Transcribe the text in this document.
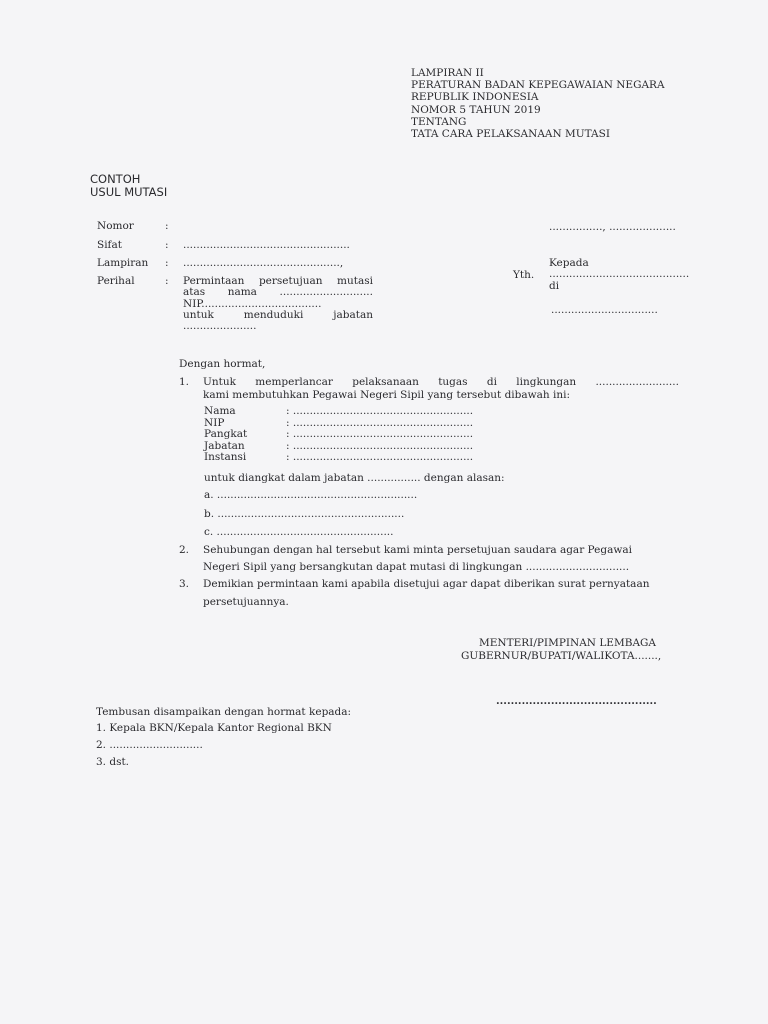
LAMPIRAN II
PERATURAN BADAN KEPEGAWAIAN NEGARA
REPUBLIK INDONESIA
NOMOR 5 TAHUN 2019
TENTANG
TATA CARA PELAKSANAAN MUTASI
CONTOH
USUL MUTASI
Nomor	:
Sifat	: ..................................................
Lampiran : ...............................................,
Perihal	: Permintaan persetujuan mutasi
atas nama ............................
NIP....................................
untuk	menduduki	jabatan
......................
................, ....................
Kepada
Yth. ..........................................
di
................................
Dengan hormat,
1. Untuk memperlancar pelaksanaan tugas di lingkungan .........................
kami membutuhkan Pegawai Negeri Sipil yang tersebut dibawah ini:
Nama	: ......................................................
NIP	: ......................................................
Pangkat	: ......................................................
Jabatan	: ......................................................
Instansi	: ......................................................
untuk diangkat dalam jabatan ................ dengan alasan:
a. ............................................................
b. ........................................................
c. .....................................................
2. Sehubungan dengan hal tersebut kami minta persetujuan saudara agar Pegawai
Negeri Sipil yang bersangkutan dapat mutasi di lingkungan ...............................
3. Demikian permintaan kami apabila disetujui agar dapat diberikan surat pernyataan
persetujuannya.
MENTERI/PIMPINAN LEMBAGA
GUBERNUR/BUPATI/WALIKOTA.......,
............................................
Tembusan disampaikan dengan hormat kepada:
1. Kepala BKN/Kepala Kantor Regional BKN
2. ............................
3. dst.
